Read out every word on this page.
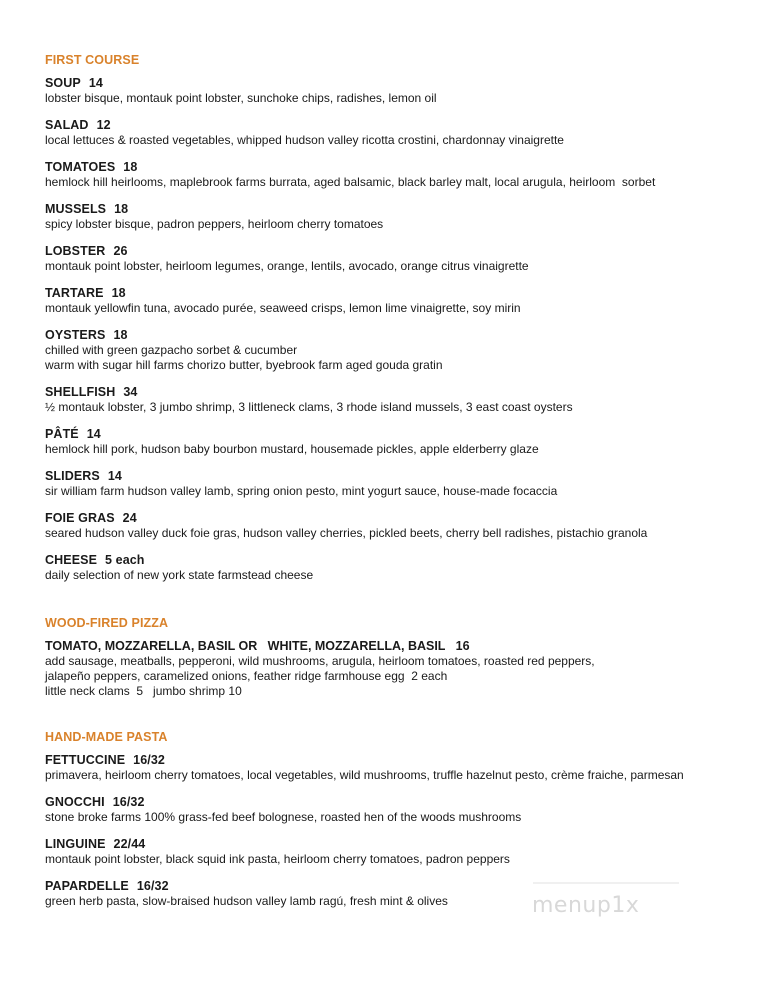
FIRST COURSE
SOUP 14
lobster bisque, montauk point lobster, sunchoke chips, radishes, lemon oil
SALAD 12
local lettuces & roasted vegetables, whipped hudson valley ricotta crostini, chardonnay vinaigrette
TOMATOES 18
hemlock hill heirlooms, maplebrook farms burrata, aged balsamic, black barley malt, local arugula, heirloom  sorbet
MUSSELS 18
spicy lobster bisque, padron peppers, heirloom cherry tomatoes
LOBSTER 26
montauk point lobster, heirloom legumes, orange, lentils, avocado, orange citrus vinaigrette
TARTARE 18
montauk yellowfin tuna, avocado purée, seaweed crisps, lemon lime vinaigrette, soy mirin
OYSTERS 18
chilled with green gazpacho sorbet & cucumber
warm with sugar hill farms chorizo butter, byebrook farm aged gouda gratin
SHELLFISH 34
½ montauk lobster, 3 jumbo shrimp, 3 littleneck clams, 3 rhode island mussels, 3 east coast oysters
PÂTÉ 14
hemlock hill pork, hudson baby bourbon mustard, housemade pickles, apple elderberry glaze
SLIDERS 14
sir william farm hudson valley lamb, spring onion pesto, mint yogurt sauce, house-made focaccia
FOIE GRAS 24
seared hudson valley duck foie gras, hudson valley cherries, pickled beets, cherry bell radishes, pistachio granola
CHEESE 5 each
daily selection of new york state farmstead cheese
WOOD-FIRED PIZZA
TOMATO, MOZZARELLA, BASIL OR   WHITE, MOZZARELLA, BASIL   16
add sausage, meatballs, pepperoni, wild mushrooms, arugula, heirloom tomatoes, roasted red peppers,
jalapeño peppers, caramelized onions, feather ridge farmhouse egg  2 each
little neck clams  5   jumbo shrimp 10
HAND-MADE PASTA
FETTUCCINE 16/32
primavera, heirloom cherry tomatoes, local vegetables, wild mushrooms, truffle hazelnut pesto, crème fraiche, parmesan
GNOCCHI 16/32
stone broke farms 100% grass-fed beef bolognese, roasted hen of the woods mushrooms
LINGUINE 22/44
montauk point lobster, black squid ink pasta, heirloom cherry tomatoes, padron peppers
PAPARDELLE 16/32
green herb pasta, slow-braised hudson valley lamb ragú, fresh mint & olives	menup1x
